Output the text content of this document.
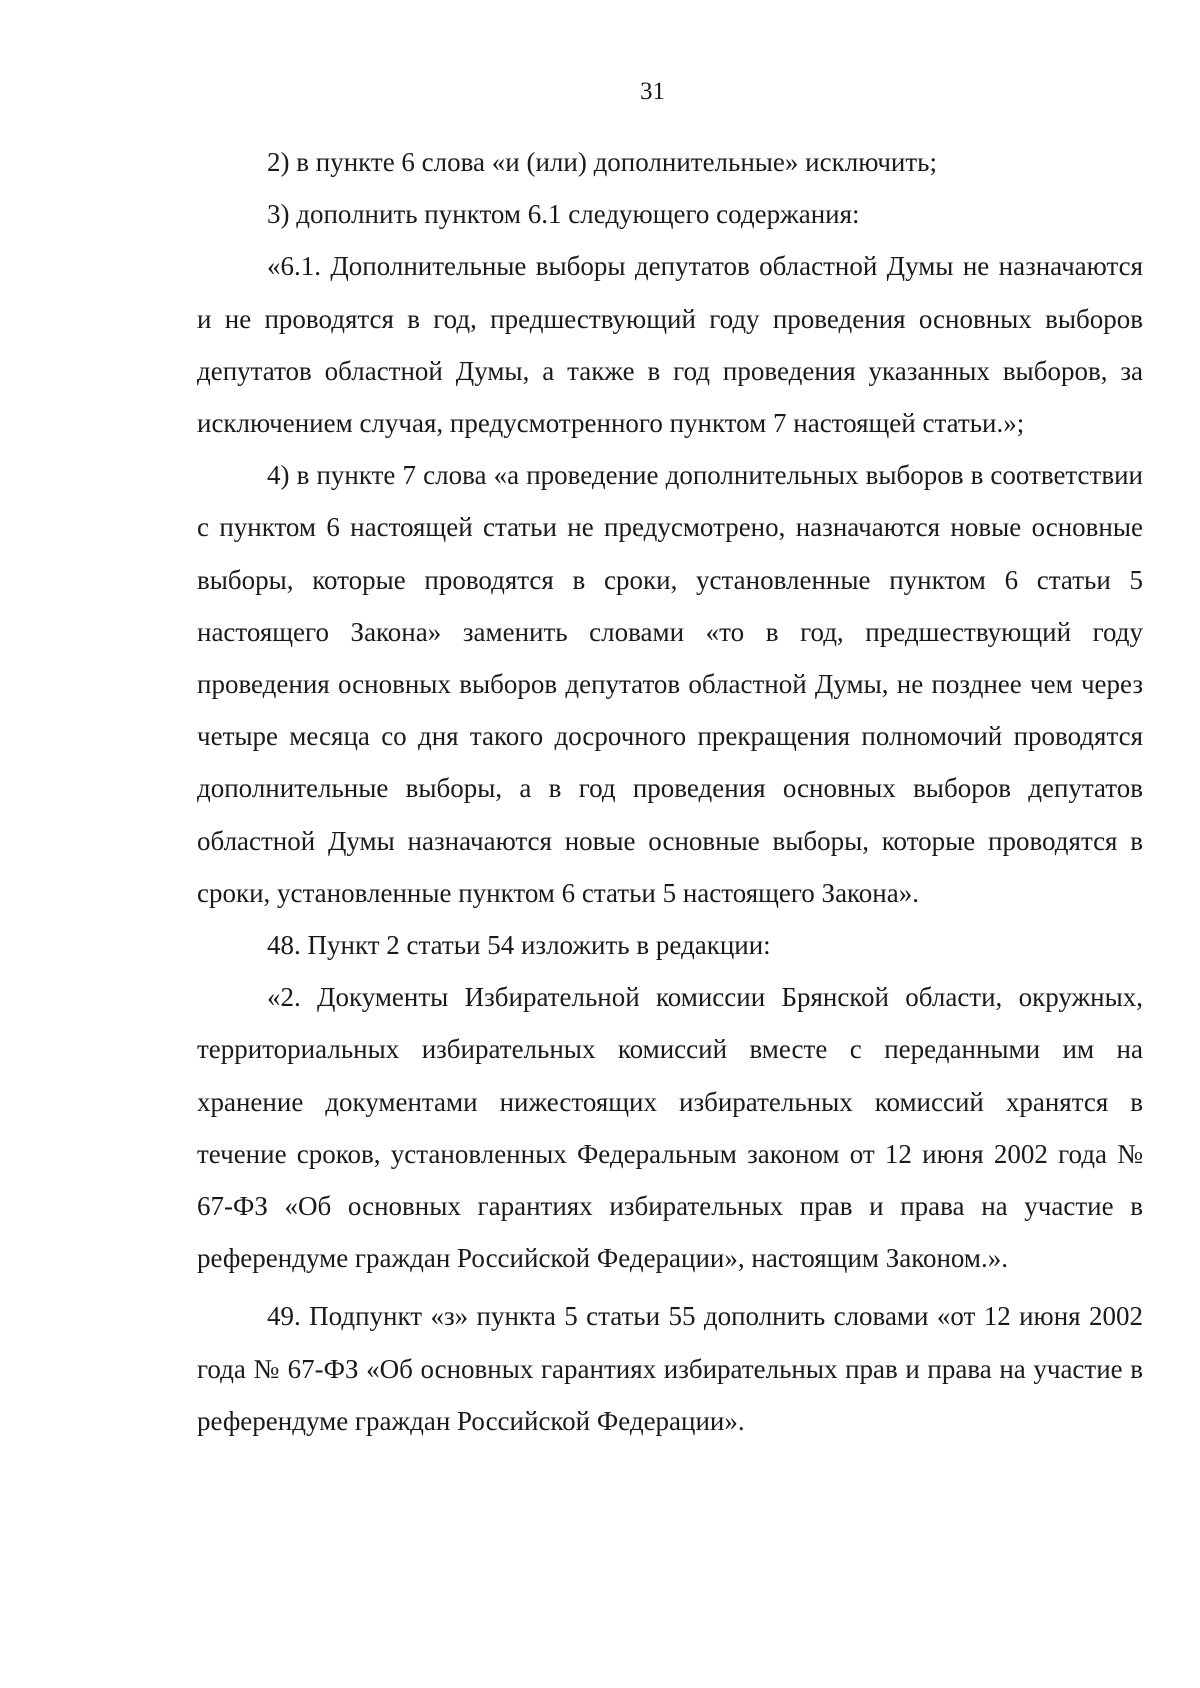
31

2) в пункте 6 слова «и (или) дополнительные» исключить;

3) дополнить пунктом 6.1 следующего содержания:

«6.1. Дополнительные выборы депутатов областной Думы не назначаются и не проводятся в год, предшествующий году проведения основных выборов депутатов областной Думы, а также в год проведения указанных выборов, за исключением случая, предусмотренного пунктом 7 настоящей статьи.»;

4) в пункте 7 слова «а проведение дополнительных выборов в соответствии с пунктом 6 настоящей статьи не предусмотрено, назначаются новые основные выборы, которые проводятся в сроки, установленные пунктом 6 статьи 5 настоящего Закона» заменить словами «то в год, предшествующий году проведения основных выборов депутатов областной Думы, не позднее чем через четыре месяца со дня такого досрочного прекращения полномочий проводятся дополнительные выборы, а в год проведения основных выборов депутатов областной Думы назначаются новые основные выборы, которые проводятся в сроки, установленные пунктом 6 статьи 5 настоящего Закона».

48. Пункт 2 статьи 54 изложить в редакции:

«2. Документы Избирательной комиссии Брянской области, окружных, территориальных избирательных комиссий вместе с переданными им на хранение документами нижестоящих избирательных комиссий хранятся в течение сроков, установленных Федеральным законом от 12 июня 2002 года № 67-ФЗ «Об основных гарантиях избирательных прав и права на участие в референдуме граждан Российской Федерации», настоящим Законом.».

49. Подпункт «з» пункта 5 статьи 55 дополнить словами «от 12 июня 2002 года № 67-ФЗ «Об основных гарантиях избирательных прав и права на участие в референдуме граждан Российской Федерации».
